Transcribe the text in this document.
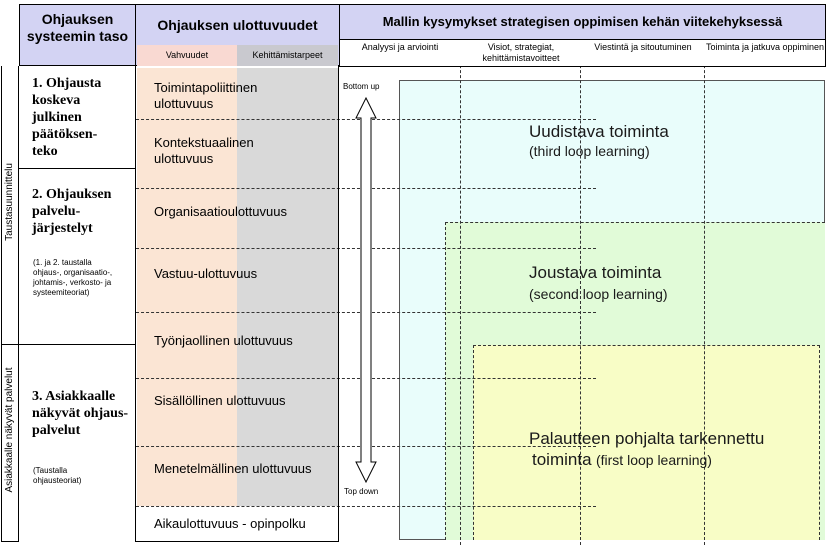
Ohjauksen systeemin taso
Ohjauksen ulottuvuudet
Vahvuudet	Kehittämistarpeet
Mallin kysymykset strategisen oppimisen kehän viitekehyksessä
Analyysi ja arviointi	Visiot, strategiat, kehittämistavoitteet
Viestintä ja sitoutuminen	Toiminta ja jatkuva oppiminen
Taustasuunnittelu
Asiakkaalle näkyvät palvelut
1. Ohjausta koskeva julkinen päätöksen-teko
2. Ohjauksen palvelu-järjestelyt
(1. ja 2. taustalla ohjaus-, organisaatio-, johtamis-, verkosto- ja systeemiteoriat)
3. Asiakkaalle näkyvät ohjaus-palvelut
(Taustalla ohjausteoriat)
Toimintapoliittinen ulottuvuus
Kontekstuaalinen ulottuvuus
Organisaatioulottuvuus
Vastuu-ulottuvuus
Työnjaollinen ulottuvuus
Sisällöllinen ulottuvuus
Menetelmällinen ulottuvuus
Aikaulottuvuus - opinpolku
Bottom up
Top down
Uudistava toiminta
(third loop learning)
Joustava toiminta
(second loop learning)
Palautteen pohjalta tarkennettu
toiminta (first loop learning)
